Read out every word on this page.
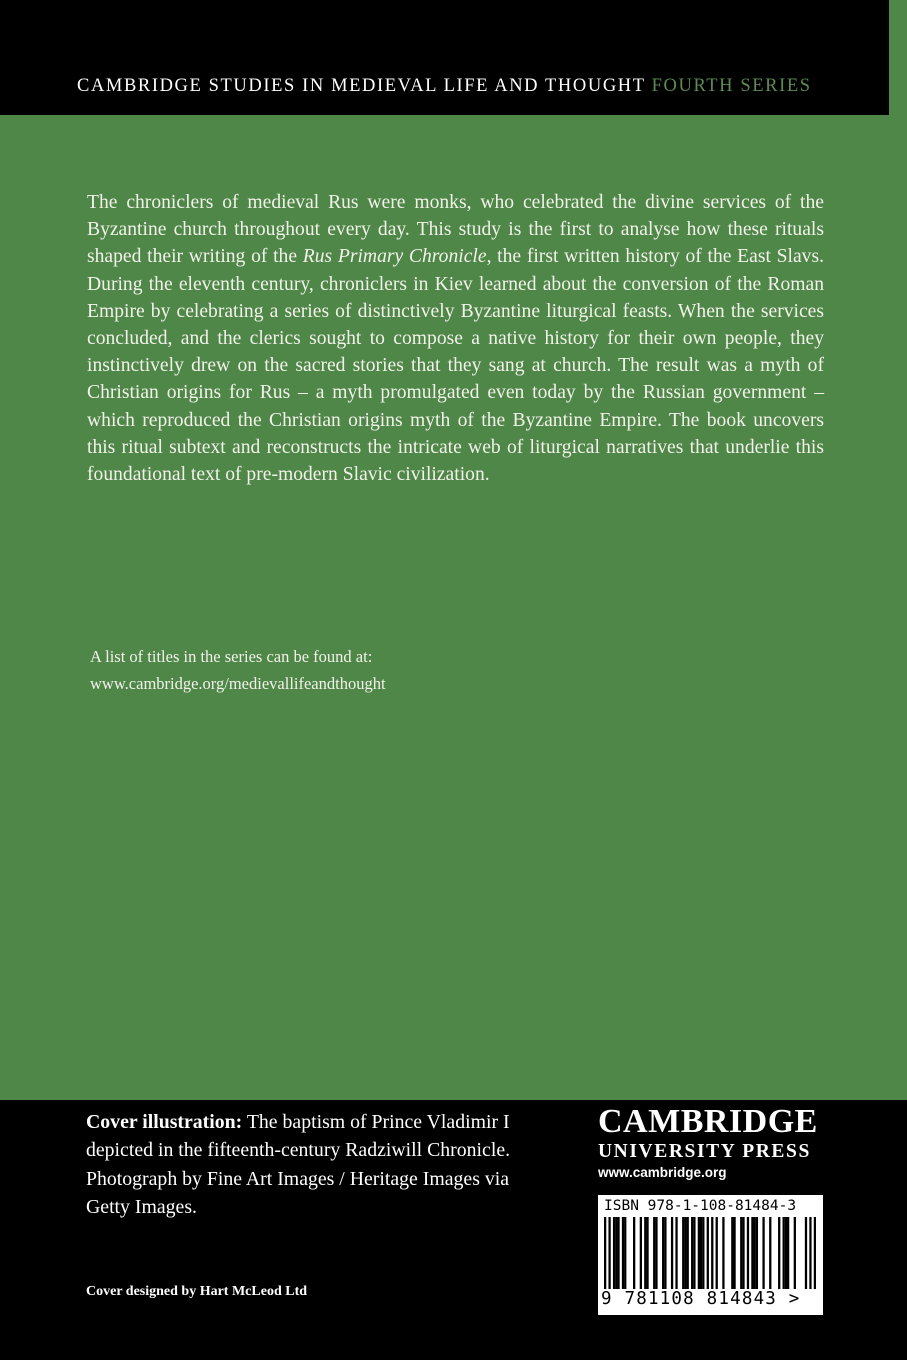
CAMBRIDGE STUDIES IN MEDIEVAL LIFE AND THOUGHT FOURTH SERIES

The chroniclers of medieval Rus were monks, who celebrated the divine services of the Byzantine church throughout every day. This study is the first to analyse how these rituals shaped their writing of the Rus Primary Chronicle, the first written history of the East Slavs. During the eleventh century, chroniclers in Kiev learned about the conversion of the Roman Empire by celebrating a series of distinctively Byzantine liturgical feasts. When the services concluded, and the clerics sought to compose a native history for their own people, they instinctively drew on the sacred stories that they sang at church. The result was a myth of Christian origins for Rus – a myth promulgated even today by the Russian government – which reproduced the Christian origins myth of the Byzantine Empire. The book uncovers this ritual subtext and reconstructs the intricate web of liturgical narratives that underlie this foundational text of pre-modern Slavic civilization.

A list of titles in the series can be found at:
www.cambridge.org/medievallifeandthought
Cover illustration: The baptism of Prince Vladimir I depicted in the fifteenth-century Radziwill Chronicle. Photograph by Fine Art Images / Heritage Images via Getty Images.
Cover designed by Hart McLeod Ltd
CAMBRIDGE
UNIVERSITY PRESS
www.cambridge.org
ISBN 978-1-108-81484-3
9 781108 814843 >
